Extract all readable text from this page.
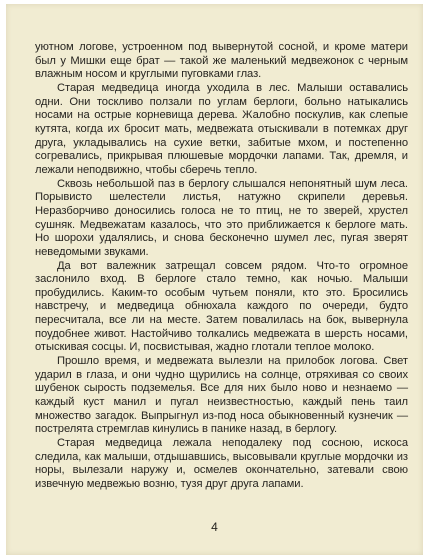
уютном логове, устроенном под вывернутой сосной, и кроме матери был у Мишки еще брат — такой же маленький медвежонок с черным влажным носом и круглыми пуговками глаз.

Старая медведица иногда уходила в лес. Малыши оставались одни. Они тоскливо ползали по углам берлоги, больно натыкались носами на острые корневища дерева. Жалобно поскулив, как слепые кутята, когда их бросит мать, медвежата отыскивали в потемках друг друга, укладывались на сухие ветки, забитые мхом, и постепенно согревались, прикрывая плюшевые мордочки лапами. Так, дремля, и лежали неподвижно, чтобы сберечь тепло.

Сквозь небольшой паз в берлогу слышался непонятный шум леса. Порывисто шелестели листья, натужно скрипели деревья. Неразборчиво доносились голоса не то птиц, не то зверей, хрустел сушняк. Медвежатам казалось, что это приближается к берлоге мать. Но шорохи удалялись, и снова бесконечно шумел лес, пугая зверят неведомыми звуками.

Да вот валежник затрещал совсем рядом. Что-то огромное заслонило вход. В берлоге стало темно, как ночью. Малыши пробудились. Каким-то особым чутьем поняли, кто это. Бросились навстречу, и медведица обнюхала каждого по очереди, будто пересчитала, все ли на месте. Затем повалилась на бок, вывернула поудобнее живот. Настойчиво толкались медвежата в шерсть носами, отыскивая сосцы. И, посвистывая, жадно глотали теплое молоко.

Прошло время, и медвежата вылезли на прилобок логова. Свет ударил в глаза, и они чудно щурились на солнце, отряхивая со своих шубенок сырость подземелья. Все для них было ново и незнаемо — каждый куст манил и пугал неизвестностью, каждый пень таил множество загадок. Выпрыгнул из-под носа обыкновенный кузнечик — пострелята стремглав кинулись в панике назад, в берлогу.

Старая медведица лежала неподалеку под сосною, искоса следила, как малыши, отдышавшись, высовывали круглые мордочки из норы, вылезали наружу и, осмелев окончательно, затевали свою извечную медвежью возню, тузя друг друга лапами.

4
